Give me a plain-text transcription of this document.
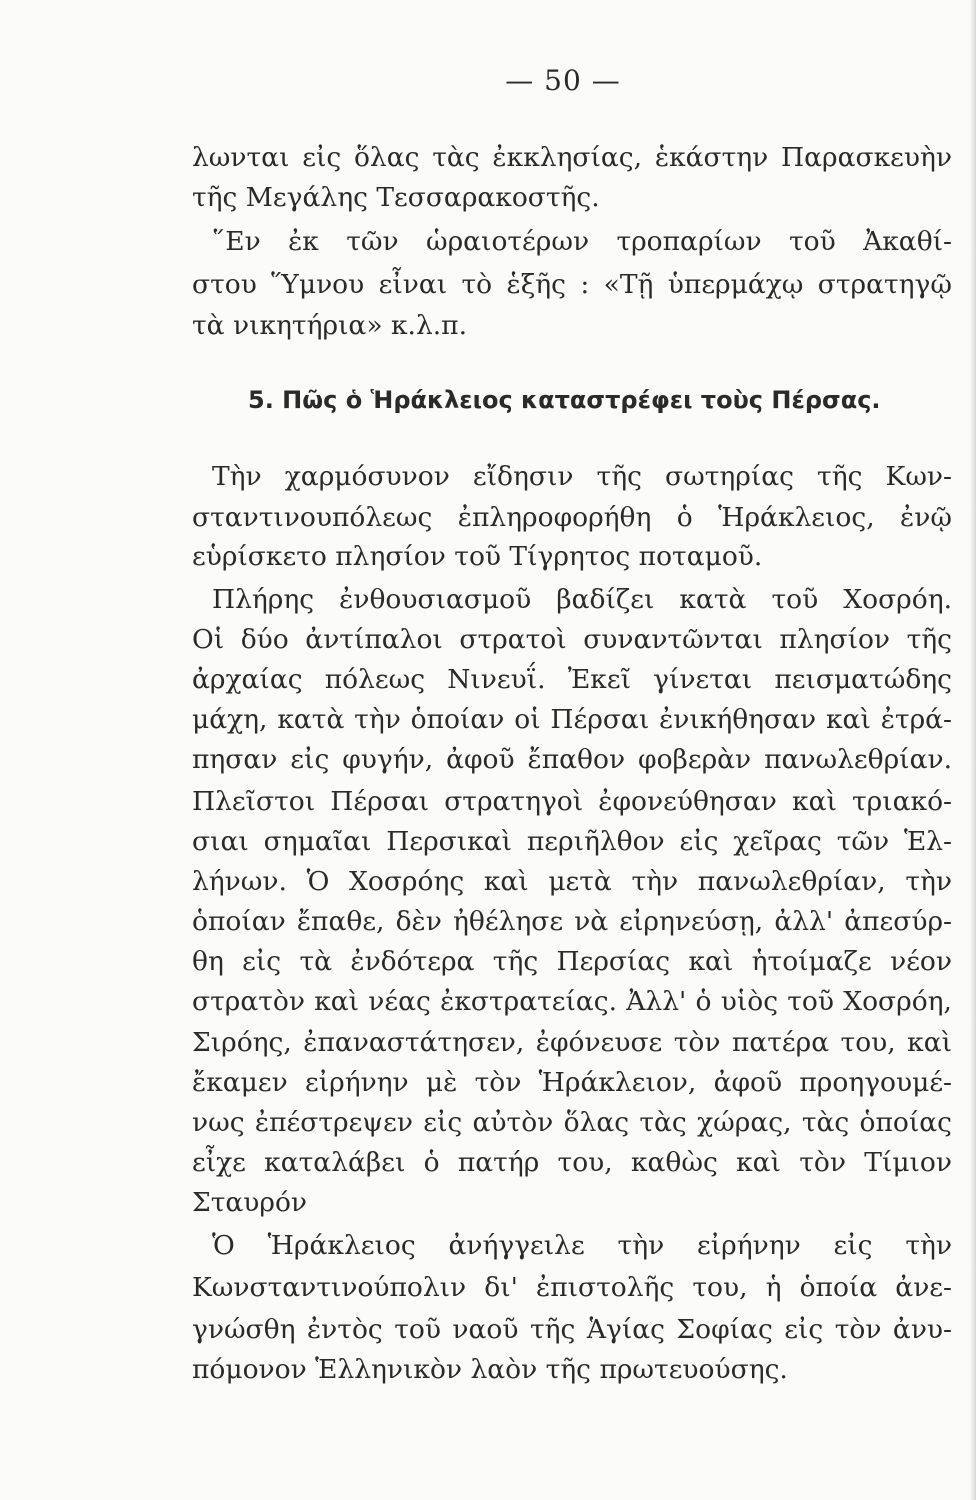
— 50 —
5. Πῶς ὁ Ἡράκλειος καταστρέφει τοὺς Πέρσας.
λωνται εἰς ὅλας τὰς ἐκκλησίας, ἑκάστην Παρασκευὴν
τῆς Μεγάλης Τεσσαρακοστῆς.
῞Εν ἐκ τῶν ὡραιοτέρων τροπαρίων τοῦ Ἀκαθί-
στου Ὕμνου εἶναι τὸ ἑξῆς : «Τῇ ὑπερμάχῳ στρατηγῷ
τὰ νικητήρια» κ.λ.π.
Τὴν χαρμόσυνον εἴδησιν τῆς σωτηρίας τῆς Κων-
σταντινουπόλεως ἐπληροφορήθη ὁ Ἡράκλειος, ἐνῷ
εὑρίσκετο πλησίον τοῦ Τίγρητος ποταμοῦ.
Πλήρης ἐνθουσιασμοῦ βαδίζει κατὰ τοῦ Χοσρόη.
Οἱ δύο ἀντίπαλοι στρατοὶ συναντῶνται πλησίον τῆς
ἀρχαίας πόλεως Νινευΐ. Ἐκεῖ γίνεται πεισματώδης
μάχη, κατὰ τὴν ὁποίαν οἱ Πέρσαι ἐνικήθησαν καὶ ἐτρά-
πησαν εἰς φυγήν, ἀφοῦ ἔπαθον φοβερὰν πανωλεθρίαν.
Πλεῖστοι Πέρσαι στρατηγοὶ ἐφονεύθησαν καὶ τριακό-
σιαι σημαῖαι Περσικαὶ περιῆλθον εἰς χεῖρας τῶν Ἑλ-
λήνων. Ὁ Χοσρόης καὶ μετὰ τὴν πανωλεθρίαν, τὴν
ὁποίαν ἔπαθε, δὲν ἠθέλησε νὰ εἰρηνεύσῃ, ἀλλ' ἀπεσύρ-
θη εἰς τὰ ἐνδότερα τῆς Περσίας καὶ ἡτοίμαζε νέον
στρατὸν καὶ νέας ἐκστρατείας. Ἀλλ' ὁ υἱὸς τοῦ Χοσρόη,
Σιρόης, ἐπαναστάτησεν, ἐφόνευσε τὸν πατέρα του, καὶ
ἔκαμεν εἰρήνην μὲ τὸν Ἡράκλειον, ἀφοῦ προηγουμέ-
νως ἐπέστρεψεν εἰς αὐτὸν ὅλας τὰς χώρας, τὰς ὁποίας
εἶχε καταλάβει ὁ πατήρ του, καθὼς καὶ τὸν Τίμιον
Σταυρόν
Ὁ Ἡράκλειος ἀνήγγειλε τὴν εἰρήνην εἰς τὴν
Κωνσταντινούπολιν δι' ἐπιστολῆς του, ἡ ὁποία ἀνε-
γνώσθη ἐντὸς τοῦ ναοῦ τῆς Ἁγίας Σοφίας εἰς τὸν ἀνυ-
πόμονον Ἑλληνικὸν λαὸν τῆς πρωτευούσης.
